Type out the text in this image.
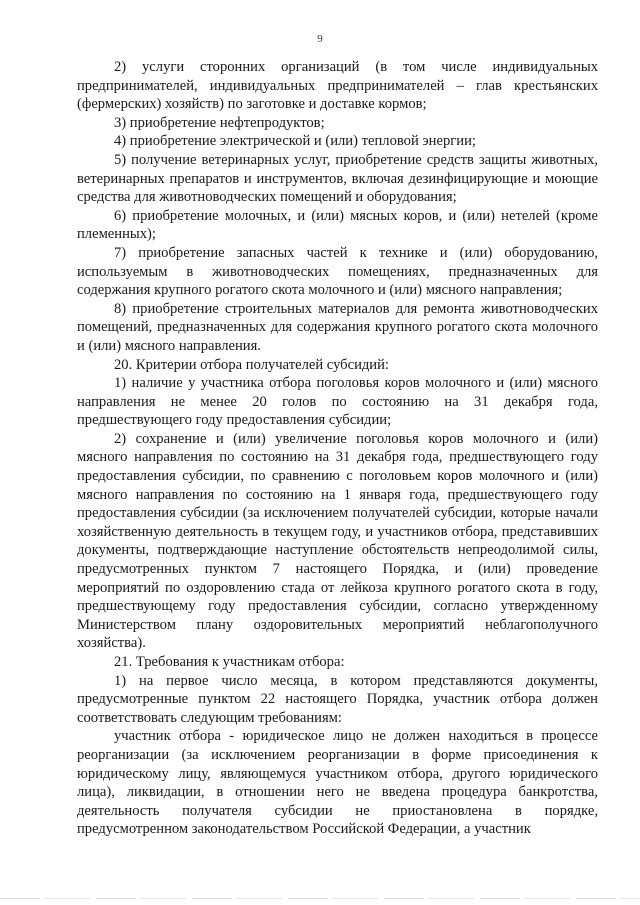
9

2) услуги сторонних организаций (в том числе индивидуальных предпринимателей, индивидуальных предпринимателей – глав крестьянских (фермерских) хозяйств) по заготовке и доставке кормов;

3) приобретение нефтепродуктов;

4) приобретение электрической и (или) тепловой энергии;

5) получение ветеринарных услуг, приобретение средств защиты животных, ветеринарных препаратов и инструментов, включая дезинфицирующие и моющие средства для животноводческих помещений и оборудования;

6) приобретение молочных, и (или) мясных коров, и (или) нетелей (кроме племенных);

7) приобретение запасных частей к технике и (или) оборудованию, используемым в животноводческих помещениях, предназначенных для содержания крупного рогатого скота молочного и (или) мясного направления;

8) приобретение строительных материалов для ремонта животноводческих помещений, предназначенных для содержания крупного рогатого скота молочного и (или) мясного направления.

20. Критерии отбора получателей субсидий:

1) наличие у участника отбора поголовья коров молочного и (или) мясного направления не менее 20 голов по состоянию на 31 декабря года, предшествующего году предоставления субсидии;

2) сохранение и (или) увеличение поголовья коров молочного и (или) мясного направления по состоянию на 31 декабря года, предшествующего году предоставления субсидии, по сравнению с поголовьем коров молочного и (или) мясного направления по состоянию на 1 января года, предшествующего году предоставления субсидии (за исключением получателей субсидии, которые начали хозяйственную деятельность в текущем году, и участников отбора, представивших документы, подтверждающие наступление обстоятельств непреодолимой силы, предусмотренных пунктом 7 настоящего Порядка, и (или) проведение мероприятий по оздоровлению стада от лейкоза крупного рогатого скота в году, предшествующему году предоставления субсидии, согласно утвержденному Министерством плану оздоровительных мероприятий неблагополучного хозяйства).

21. Требования к участникам отбора:

1) на первое число месяца, в котором представляются документы, предусмотренные пунктом 22 настоящего Порядка, участник отбора должен соответствовать следующим требованиям:

участник отбора - юридическое лицо не должен находиться в процессе реорганизации (за исключением реорганизации в форме присоединения к юридическому лицу, являющемуся участником отбора, другого юридического лица), ликвидации, в отношении него не введена процедура банкротства, деятельность получателя субсидии не приостановлена в порядке, предусмотренном законодательством Российской Федерации, а участник
